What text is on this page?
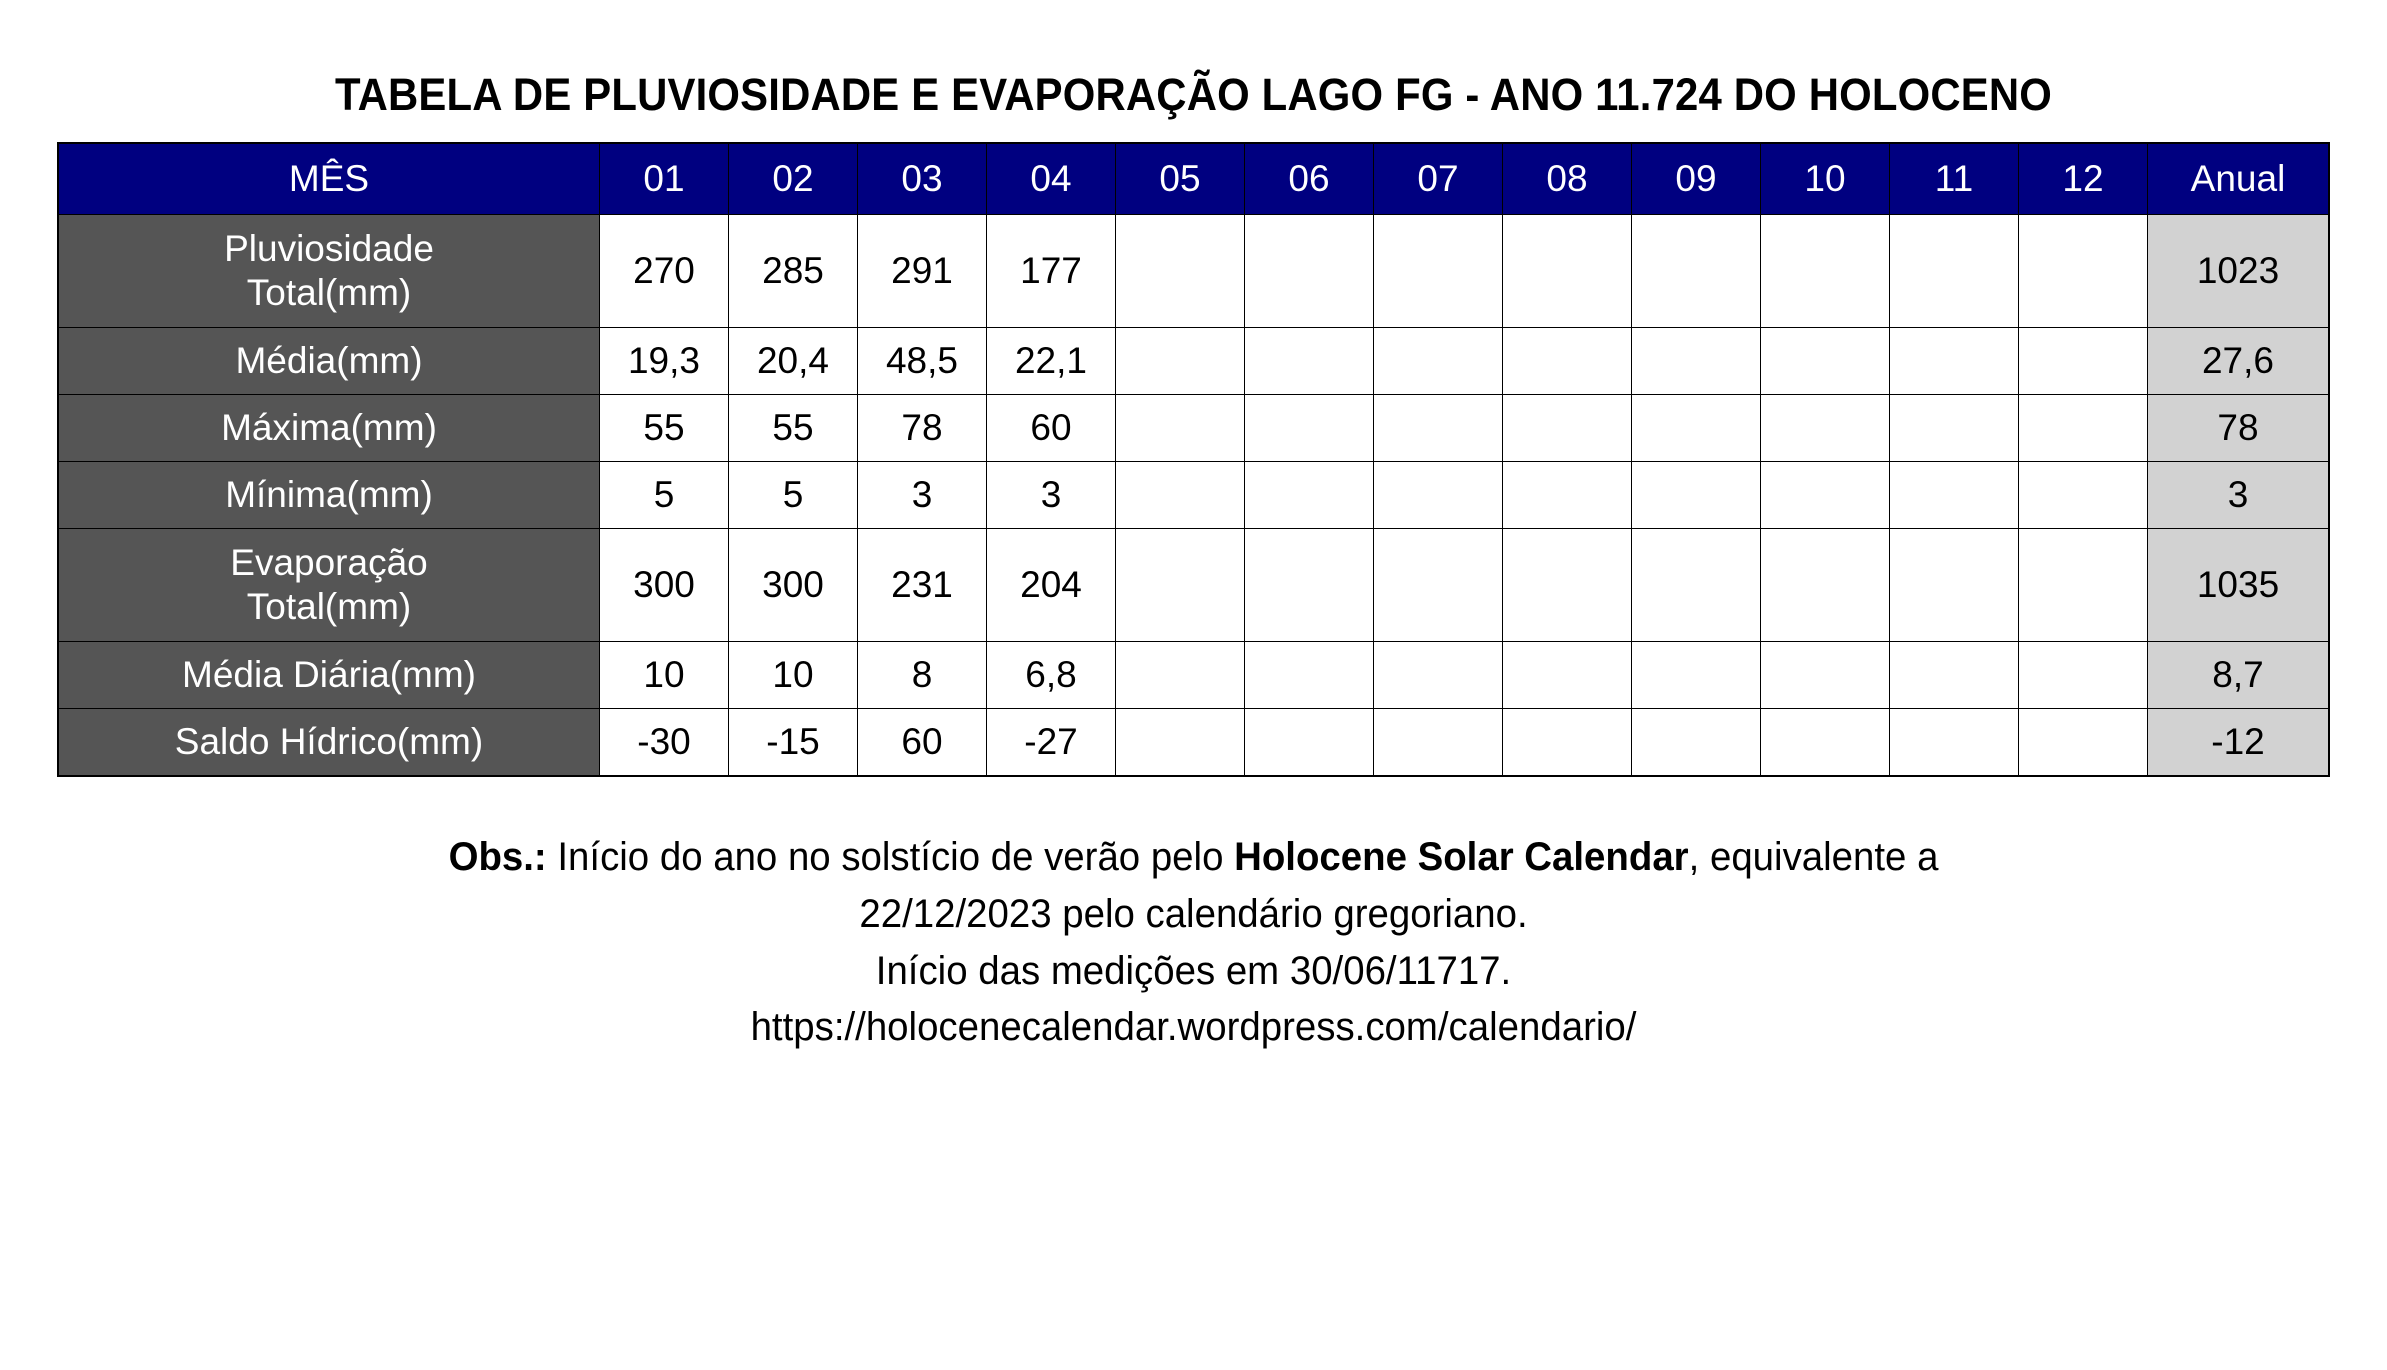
TABELA DE PLUVIOSIDADE E EVAPORAÇÃO LAGO FG - ANO 11.724 DO HOLOCENO
MÊS	01	02	03	04	05	06	07	08	09	10	11	12	Anual

Pluviosidade
Total(mm)	270	285	291	177									1023

Média(mm)	19,3	20,4	48,5	22,1									27,6

Máxima(mm)	55	55	78	60									78

Mínima(mm)	5	5	3	3									3

Evaporação
Total(mm)	300	300	231	204									1035

Média Diária(mm)	10	10	8	6,8									8,7

Saldo Hídrico(mm)	-30	-15	60	-27									-12
Obs.: Início do ano no solstício de verão pelo Holocene Solar Calendar, equivalente a
22/12/2023 pelo calendário gregoriano.
Início das medições em 30/06/11717.
https://holocenecalendar.wordpress.com/calendario/
